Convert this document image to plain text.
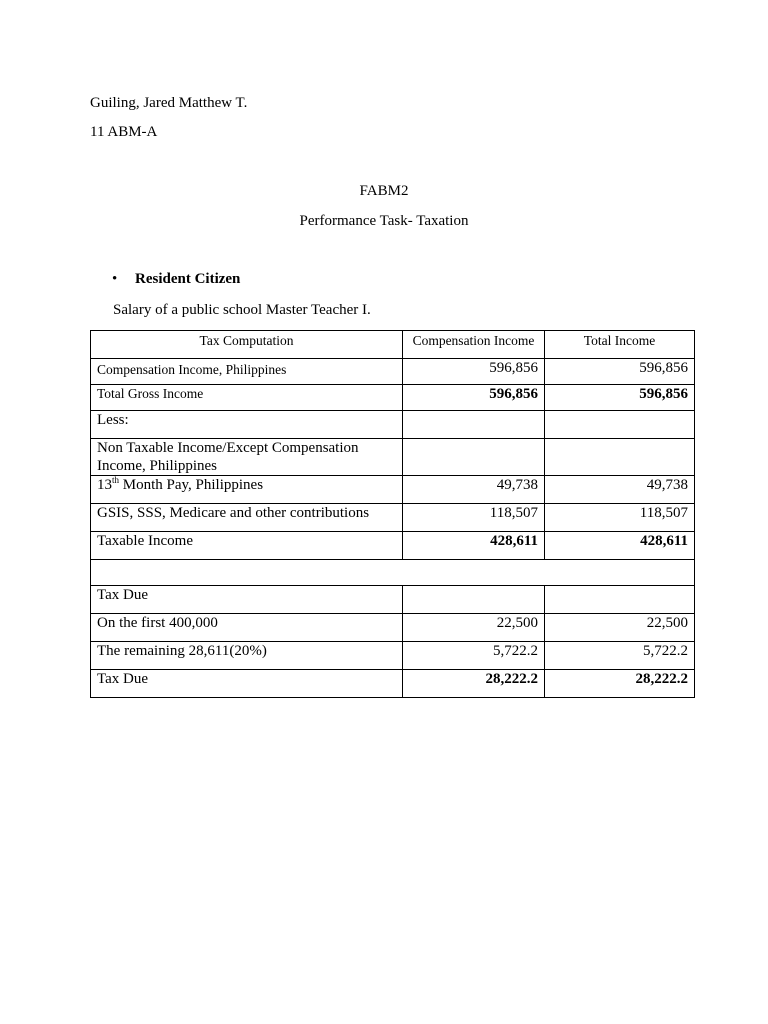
Guiling, Jared Matthew T.
11 ABM-A
FABM2
Performance Task- Taxation
• Resident Citizen
Salary of a public school Master Teacher I.
Tax Computation	Compensation Income	Total Income
Compensation Income, Philippines	596,856	596,856
Total Gross Income	596,856	596,856
Less:		
Non Taxable Income/Except Compensation Income, Philippines		
13th Month Pay, Philippines	49,738	49,738
GSIS, SSS, Medicare and other contributions	118,507	118,507
Taxable Income	428,611	428,611

Tax Due		
On the first 400,000	22,500	22,500
The remaining 28,611(20%)	5,722.2	5,722.2
Tax Due	28,222.2	28,222.2
